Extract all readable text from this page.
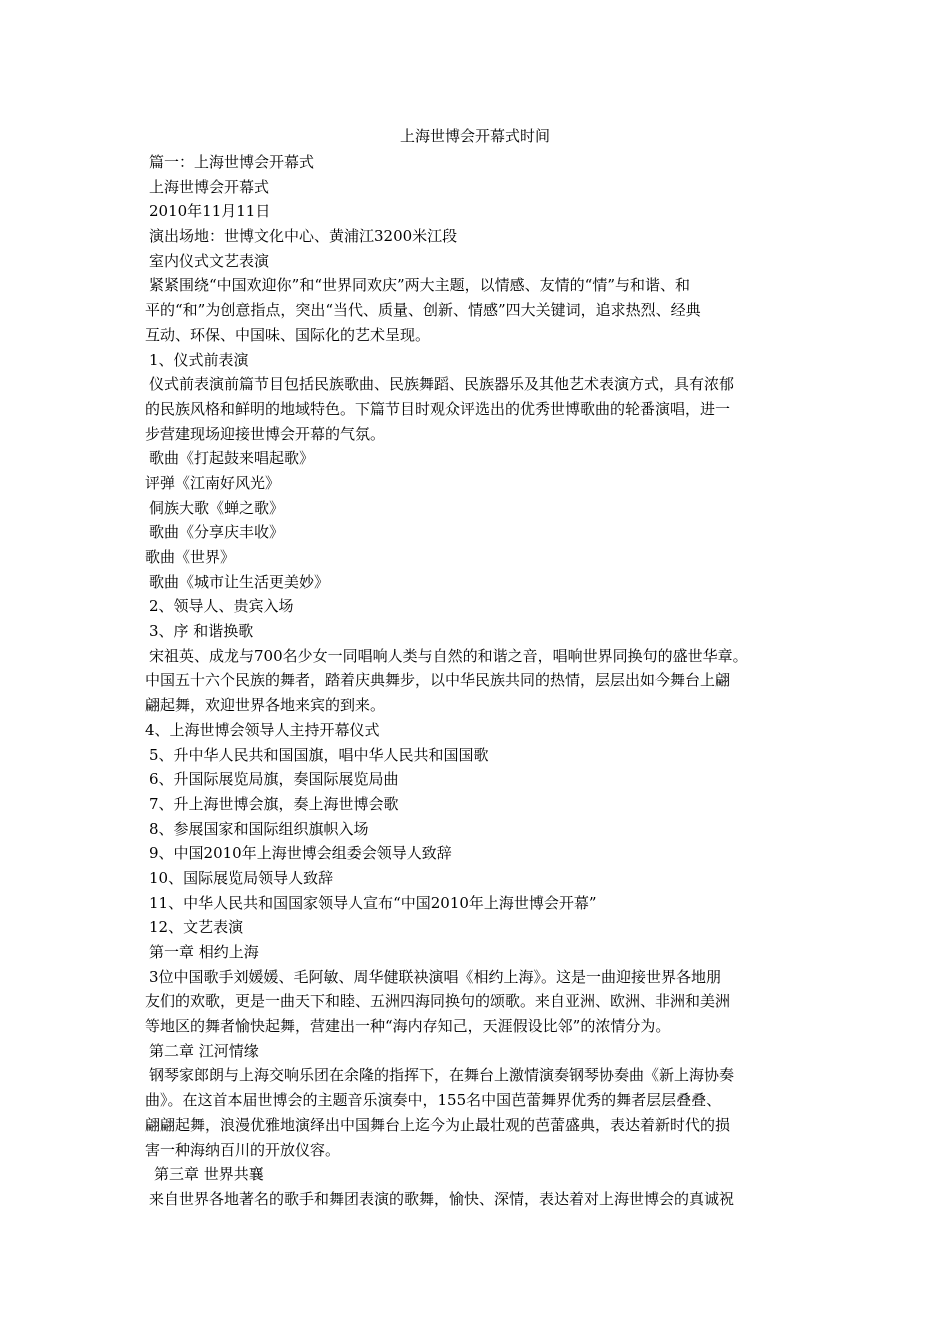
上海世博会开幕式时间
篇一：上海世博会开幕式
上海世博会开幕式
2010年11月11日
演出场地：世博文化中心、黄浦江3200米江段
室内仪式文艺表演
紧紧围绕“中国欢迎你”和“世界同欢庆”两大主题，以情感、友情的“情”与和谐、和
平的“和”为创意指点，突出“当代、质量、创新、情感”四大关键词，追求热烈、经典
互动、环保、中国味、国际化的艺术呈现。
1、仪式前表演
仪式前表演前篇节目包括民族歌曲、民族舞蹈、民族器乐及其他艺术表演方式，具有浓郁
的民族风格和鲜明的地域特色。下篇节目时观众评选出的优秀世博歌曲的轮番演唱，进一
步营建现场迎接世博会开幕的气氛。
歌曲《打起鼓来唱起歌》
评弹《江南好风光》
侗族大歌《蝉之歌》
歌曲《分享庆丰收》
歌曲《世界》
歌曲《城市让生活更美妙》
2、领导人、贵宾入场
3、序 和谐换歌
宋祖英、成龙与700名少女一同唱响人类与自然的和谐之音，唱响世界同换句的盛世华章。
中国五十六个民族的舞者，踏着庆典舞步，以中华民族共同的热情，层层出如今舞台上翩
翩起舞，欢迎世界各地来宾的到来。
4、上海世博会领导人主持开幕仪式
5、升中华人民共和国国旗，唱中华人民共和国国歌
6、升国际展览局旗，奏国际展览局曲
7、升上海世博会旗，奏上海世博会歌
8、参展国家和国际组织旗帜入场
9、中国2010年上海世博会组委会领导人致辞
10、国际展览局领导人致辞
11、中华人民共和国国家领导人宣布“中国2010年上海世博会开幕”
12、文艺表演
第一章 相约上海
3位中国歌手刘媛媛、毛阿敏、周华健联袂演唱《相约上海》。这是一曲迎接世界各地朋
友们的欢歌，更是一曲天下和睦、五洲四海同换句的颂歌。来自亚洲、欧洲、非洲和美洲
等地区的舞者愉快起舞，营建出一种“海内存知己，天涯假设比邻”的浓情分为。
第二章 江河情缘
钢琴家郎朗与上海交响乐团在余隆的指挥下，在舞台上激情演奏钢琴协奏曲《新上海协奏
曲》。在这首本届世博会的主题音乐演奏中，155名中国芭蕾舞界优秀的舞者层层叠叠、
翩翩起舞，浪漫优雅地演绎出中国舞台上迄今为止最壮观的芭蕾盛典，表达着新时代的损
害一种海纳百川的开放仪容。
第三章 世界共襄
来自世界各地著名的歌手和舞团表演的歌舞，愉快、深情，表达着对上海世博会的真诚祝
